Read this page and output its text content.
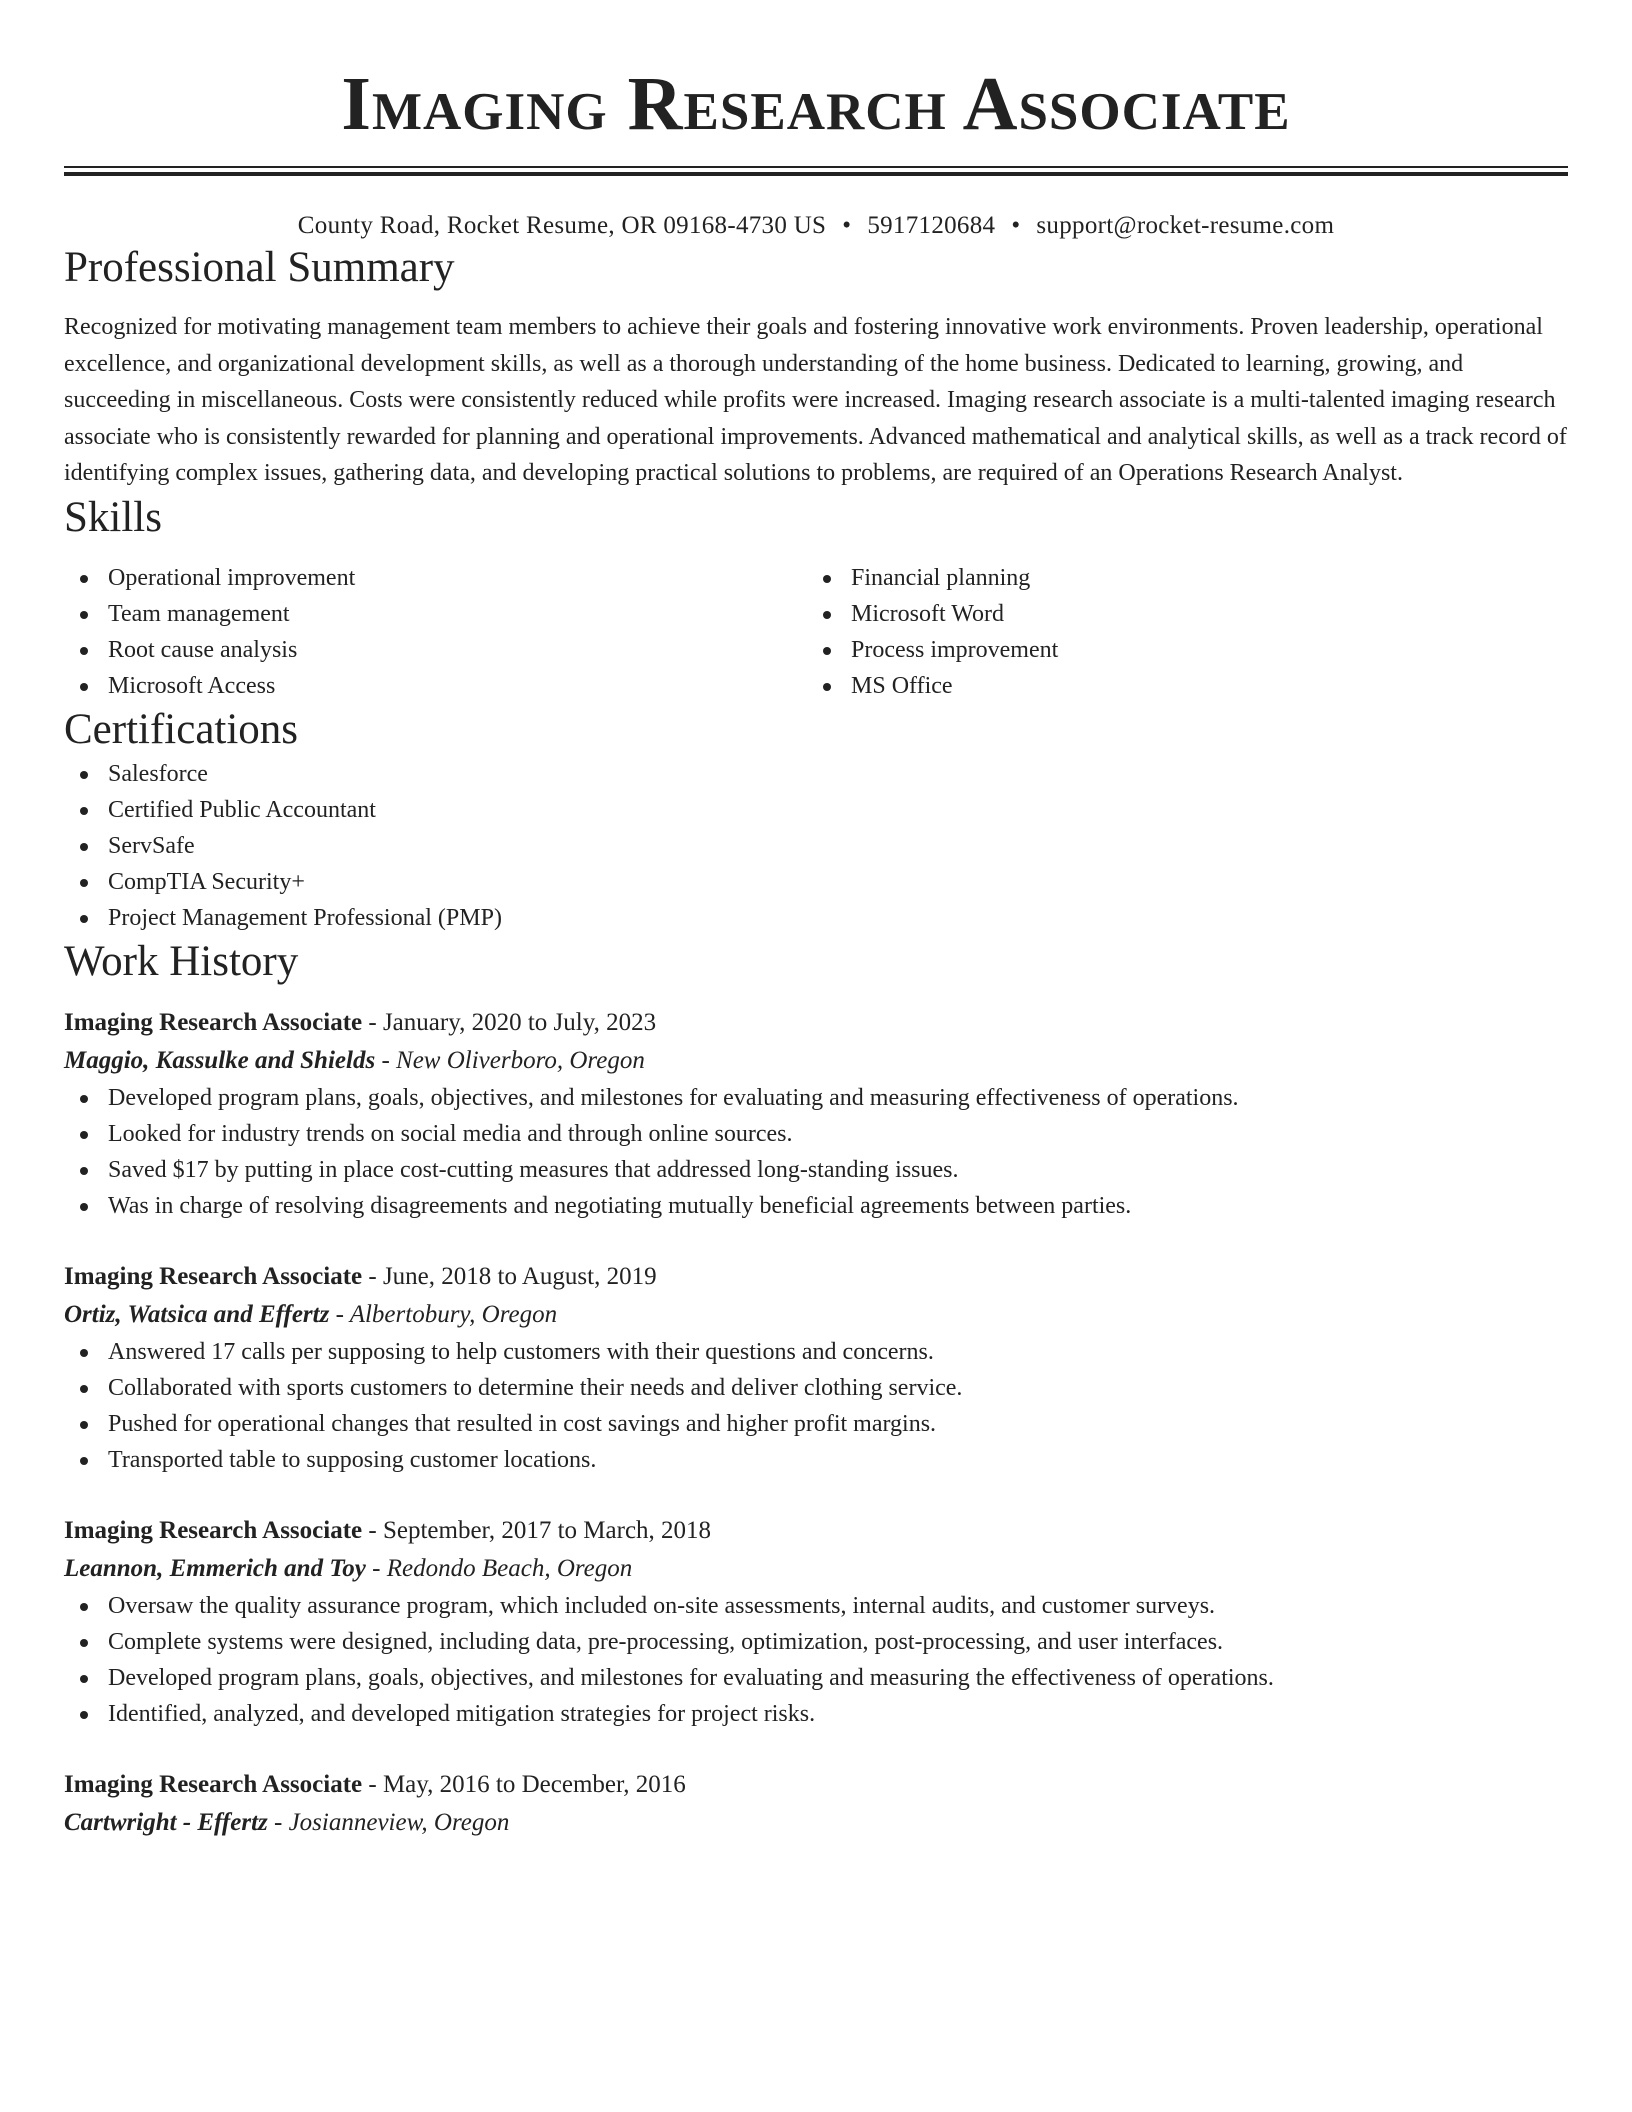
Imaging Research Associate
County Road, Rocket Resume, OR 09168-4730 US • 5917120684 • support@rocket-resume.com
Professional Summary

Recognized for motivating management team members to achieve their goals and fostering innovative work environments. Proven leadership, operational excellence, and organizational development skills, as well as a thorough understanding of the home business. Dedicated to learning, growing, and succeeding in miscellaneous. Costs were consistently reduced while profits were increased. Imaging research associate is a multi-talented imaging research associate who is consistently rewarded for planning and operational improvements. Advanced mathematical and analytical skills, as well as a track record of identifying complex issues, gathering data, and developing practical solutions to problems, are required of an Operations Research Analyst.

Skills
Operational improvement
Team management
Root cause analysis
Microsoft Access
Financial planning
Microsoft Word
Process improvement
MS Office
Certifications
Salesforce
Certified Public Accountant
ServSafe
CompTIA Security+
Project Management Professional (PMP)
Work History
Imaging Research Associate - January, 2020 to July, 2023
Maggio, Kassulke and Shields - New Oliverboro, Oregon
Developed program plans, goals, objectives, and milestones for evaluating and measuring effectiveness of operations.
Looked for industry trends on social media and through online sources.
Saved $17 by putting in place cost-cutting measures that addressed long-standing issues.
Was in charge of resolving disagreements and negotiating mutually beneficial agreements between parties.
Imaging Research Associate - June, 2018 to August, 2019
Ortiz, Watsica and Effertz - Albertobury, Oregon
Answered 17 calls per supposing to help customers with their questions and concerns.
Collaborated with sports customers to determine their needs and deliver clothing service.
Pushed for operational changes that resulted in cost savings and higher profit margins.
Transported table to supposing customer locations.
Imaging Research Associate - September, 2017 to March, 2018
Leannon, Emmerich and Toy - Redondo Beach, Oregon
Oversaw the quality assurance program, which included on-site assessments, internal audits, and customer surveys.
Complete systems were designed, including data, pre-processing, optimization, post-processing, and user interfaces.
Developed program plans, goals, objectives, and milestones for evaluating and measuring the effectiveness of operations.
Identified, analyzed, and developed mitigation strategies for project risks.
Imaging Research Associate - May, 2016 to December, 2016
Cartwright - Effertz - Josianneview, Oregon
